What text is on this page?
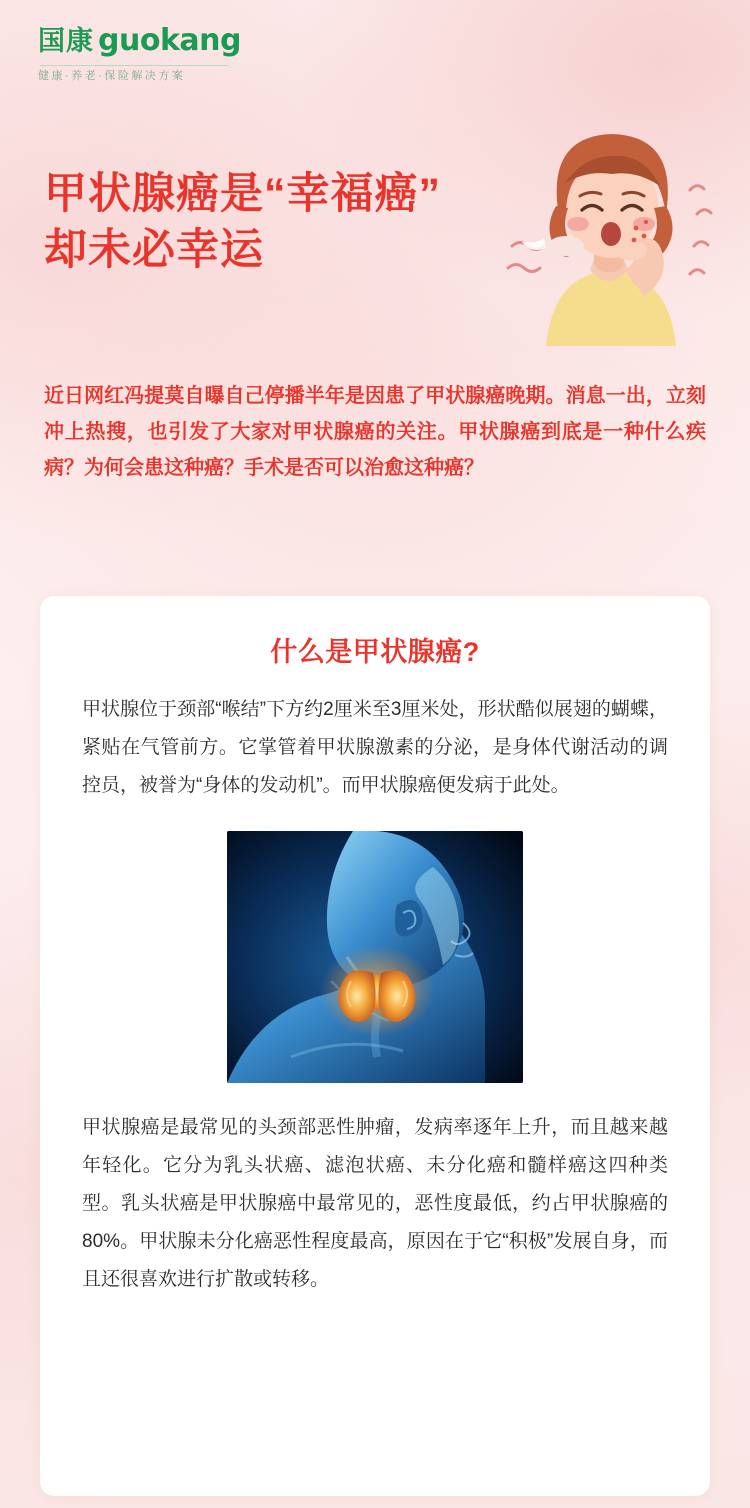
国康 guokang
健康·养老·保险解决方案
甲状腺癌是“幸福癌”
却未必幸运
近日网红冯提莫自曝自己停播半年是因患了甲状腺癌晚期。消息一出，立刻冲上热搜，也引发了大家对甲状腺癌的关注。甲状腺癌到底是一种什么疾病？为何会患这种癌？手术是否可以治愈这种癌？
什么是甲状腺癌?
甲状腺位于颈部“喉结”下方约2厘米至3厘米处，形状酷似展翅的蝴蝶，紧贴在气管前方。它掌管着甲状腺激素的分泌，是身体代谢活动的调控员，被誉为“身体的发动机”。而甲状腺癌便发病于此处。
甲状腺癌是最常见的头颈部恶性肿瘤，发病率逐年上升，而且越来越年轻化。它分为乳头状癌、滤泡状癌、未分化癌和髓样癌这四种类型。乳头状癌是甲状腺癌中最常见的，恶性度最低，约占甲状腺癌的80%。甲状腺未分化癌恶性程度最高，原因在于它“积极”发展自身，而且还很喜欢进行扩散或转移。
